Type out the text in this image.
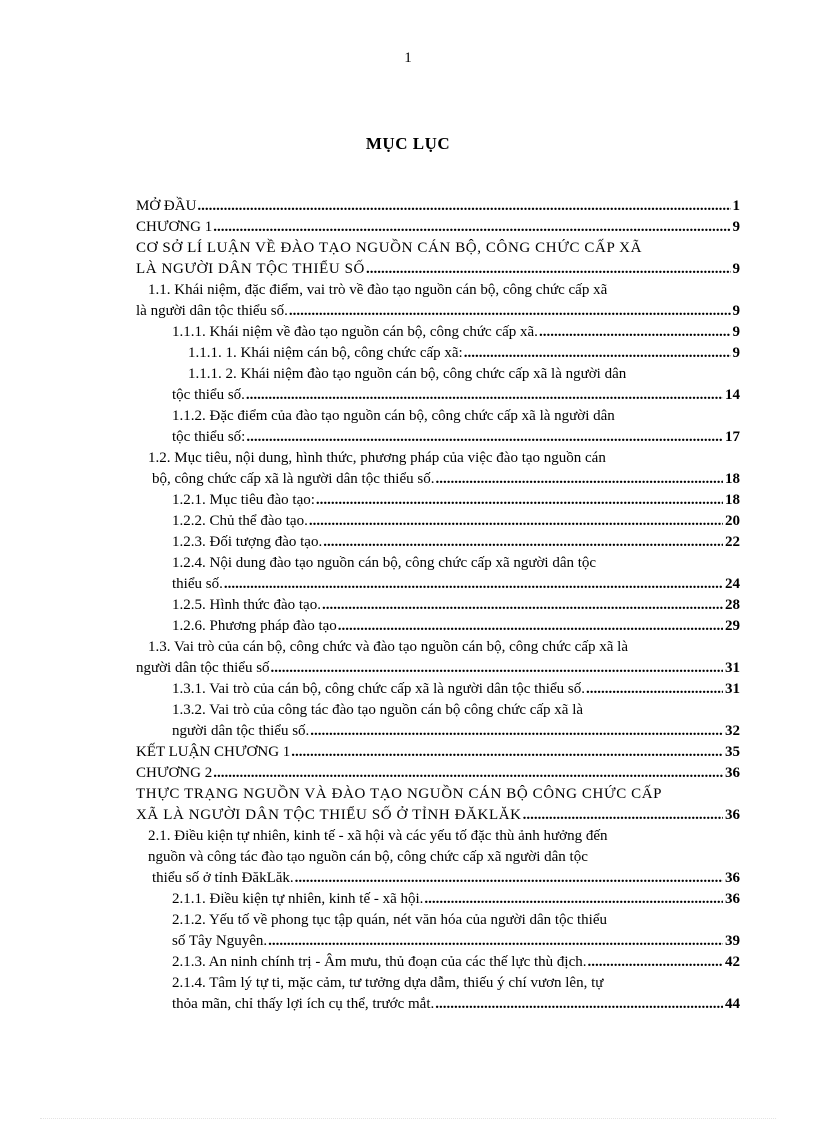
1
MỤC LỤC
MỞ ĐẦU .....	1
CHƯƠNG 1 .....	9
CƠ SỞ LÍ LUẬN VỀ ĐÀO TẠO NGUỒN CÁN BỘ, CÔNG CHỨC CẤP XÃ
LÀ NGƯỜI DÂN TỘC THIỂU SỐ .....	9
1.1. Khái niệm, đặc điểm, vai trò về đào tạo nguồn cán bộ, công chức cấp xã
là người dân tộc thiểu số. .....	9
1.1.1. Khái niệm về đào tạo nguồn cán bộ, công chức cấp xã. .....	9
1.1.1. 1. Khái niệm cán bộ, công chức cấp xã: .....	9
1.1.1. 2. Khái niệm đào tạo nguồn cán bộ, công chức cấp xã là người dân
tộc thiểu số. .....	14
1.1.2. Đặc điểm của đào tạo nguồn cán bộ, công chức cấp xã là người dân
tộc thiểu số: .....	17
1.2. Mục tiêu, nội dung, hình thức, phương pháp của việc đào tạo nguồn cán
bộ, công chức cấp xã là người dân tộc thiểu số. .....	18
1.2.1. Mục tiêu đào tạo: .....	18
1.2.2. Chủ thể đào tạo. .....	20
1.2.3. Đối tượng đào tạo. .....	22
1.2.4. Nội dung đào tạo nguồn cán bộ, công chức cấp xã người dân tộc
thiểu số. .....	24
1.2.5. Hình thức đào tạo. .....	28
1.2.6. Phương pháp đào tạo .....	29
1.3. Vai trò của cán bộ, công chức và đào tạo nguồn cán bộ, công chức cấp xã là
người dân tộc thiểu số .....	31
1.3.1. Vai trò của cán bộ, công chức cấp xã là người dân tộc thiểu số. .....	31
1.3.2. Vai trò của công tác đào tạo nguồn cán bộ công chức cấp xã là
người dân tộc thiểu số. .....	32
KẾT LUẬN CHƯƠNG 1 .....	35
CHƯƠNG 2 .....	36
THỰC TRẠNG NGUỒN VÀ ĐÀO TẠO NGUỒN CÁN BỘ CÔNG CHỨC CẤP
XÃ LÀ NGƯỜI DÂN TỘC THIỂU SỐ Ở TỈNH ĐĂKLĂK .....	36
2.1. Điều kiện tự nhiên, kinh tế - xã hội và các yếu tố đặc thù ảnh hưởng đến
nguồn và công tác đào tạo nguồn cán bộ, công chức cấp xã người dân tộc
thiểu số ở tỉnh ĐăkLăk. .....	36
2.1.1. Điều kiện tự nhiên, kinh tế - xã hội. .....	36
2.1.2. Yếu tố về phong tục tập quán, nét văn hóa của người dân tộc thiểu
số Tây Nguyên. .....	39
2.1.3. An ninh chính trị - Âm mưu, thủ đoạn của các thế lực thù địch. .....	42
2.1.4. Tâm lý tự ti, mặc cảm, tư tưởng dựa dẫm, thiếu ý chí vươn lên, tự
thỏa mãn, chỉ thấy lợi ích cụ thể, trước mắt. .....	44
